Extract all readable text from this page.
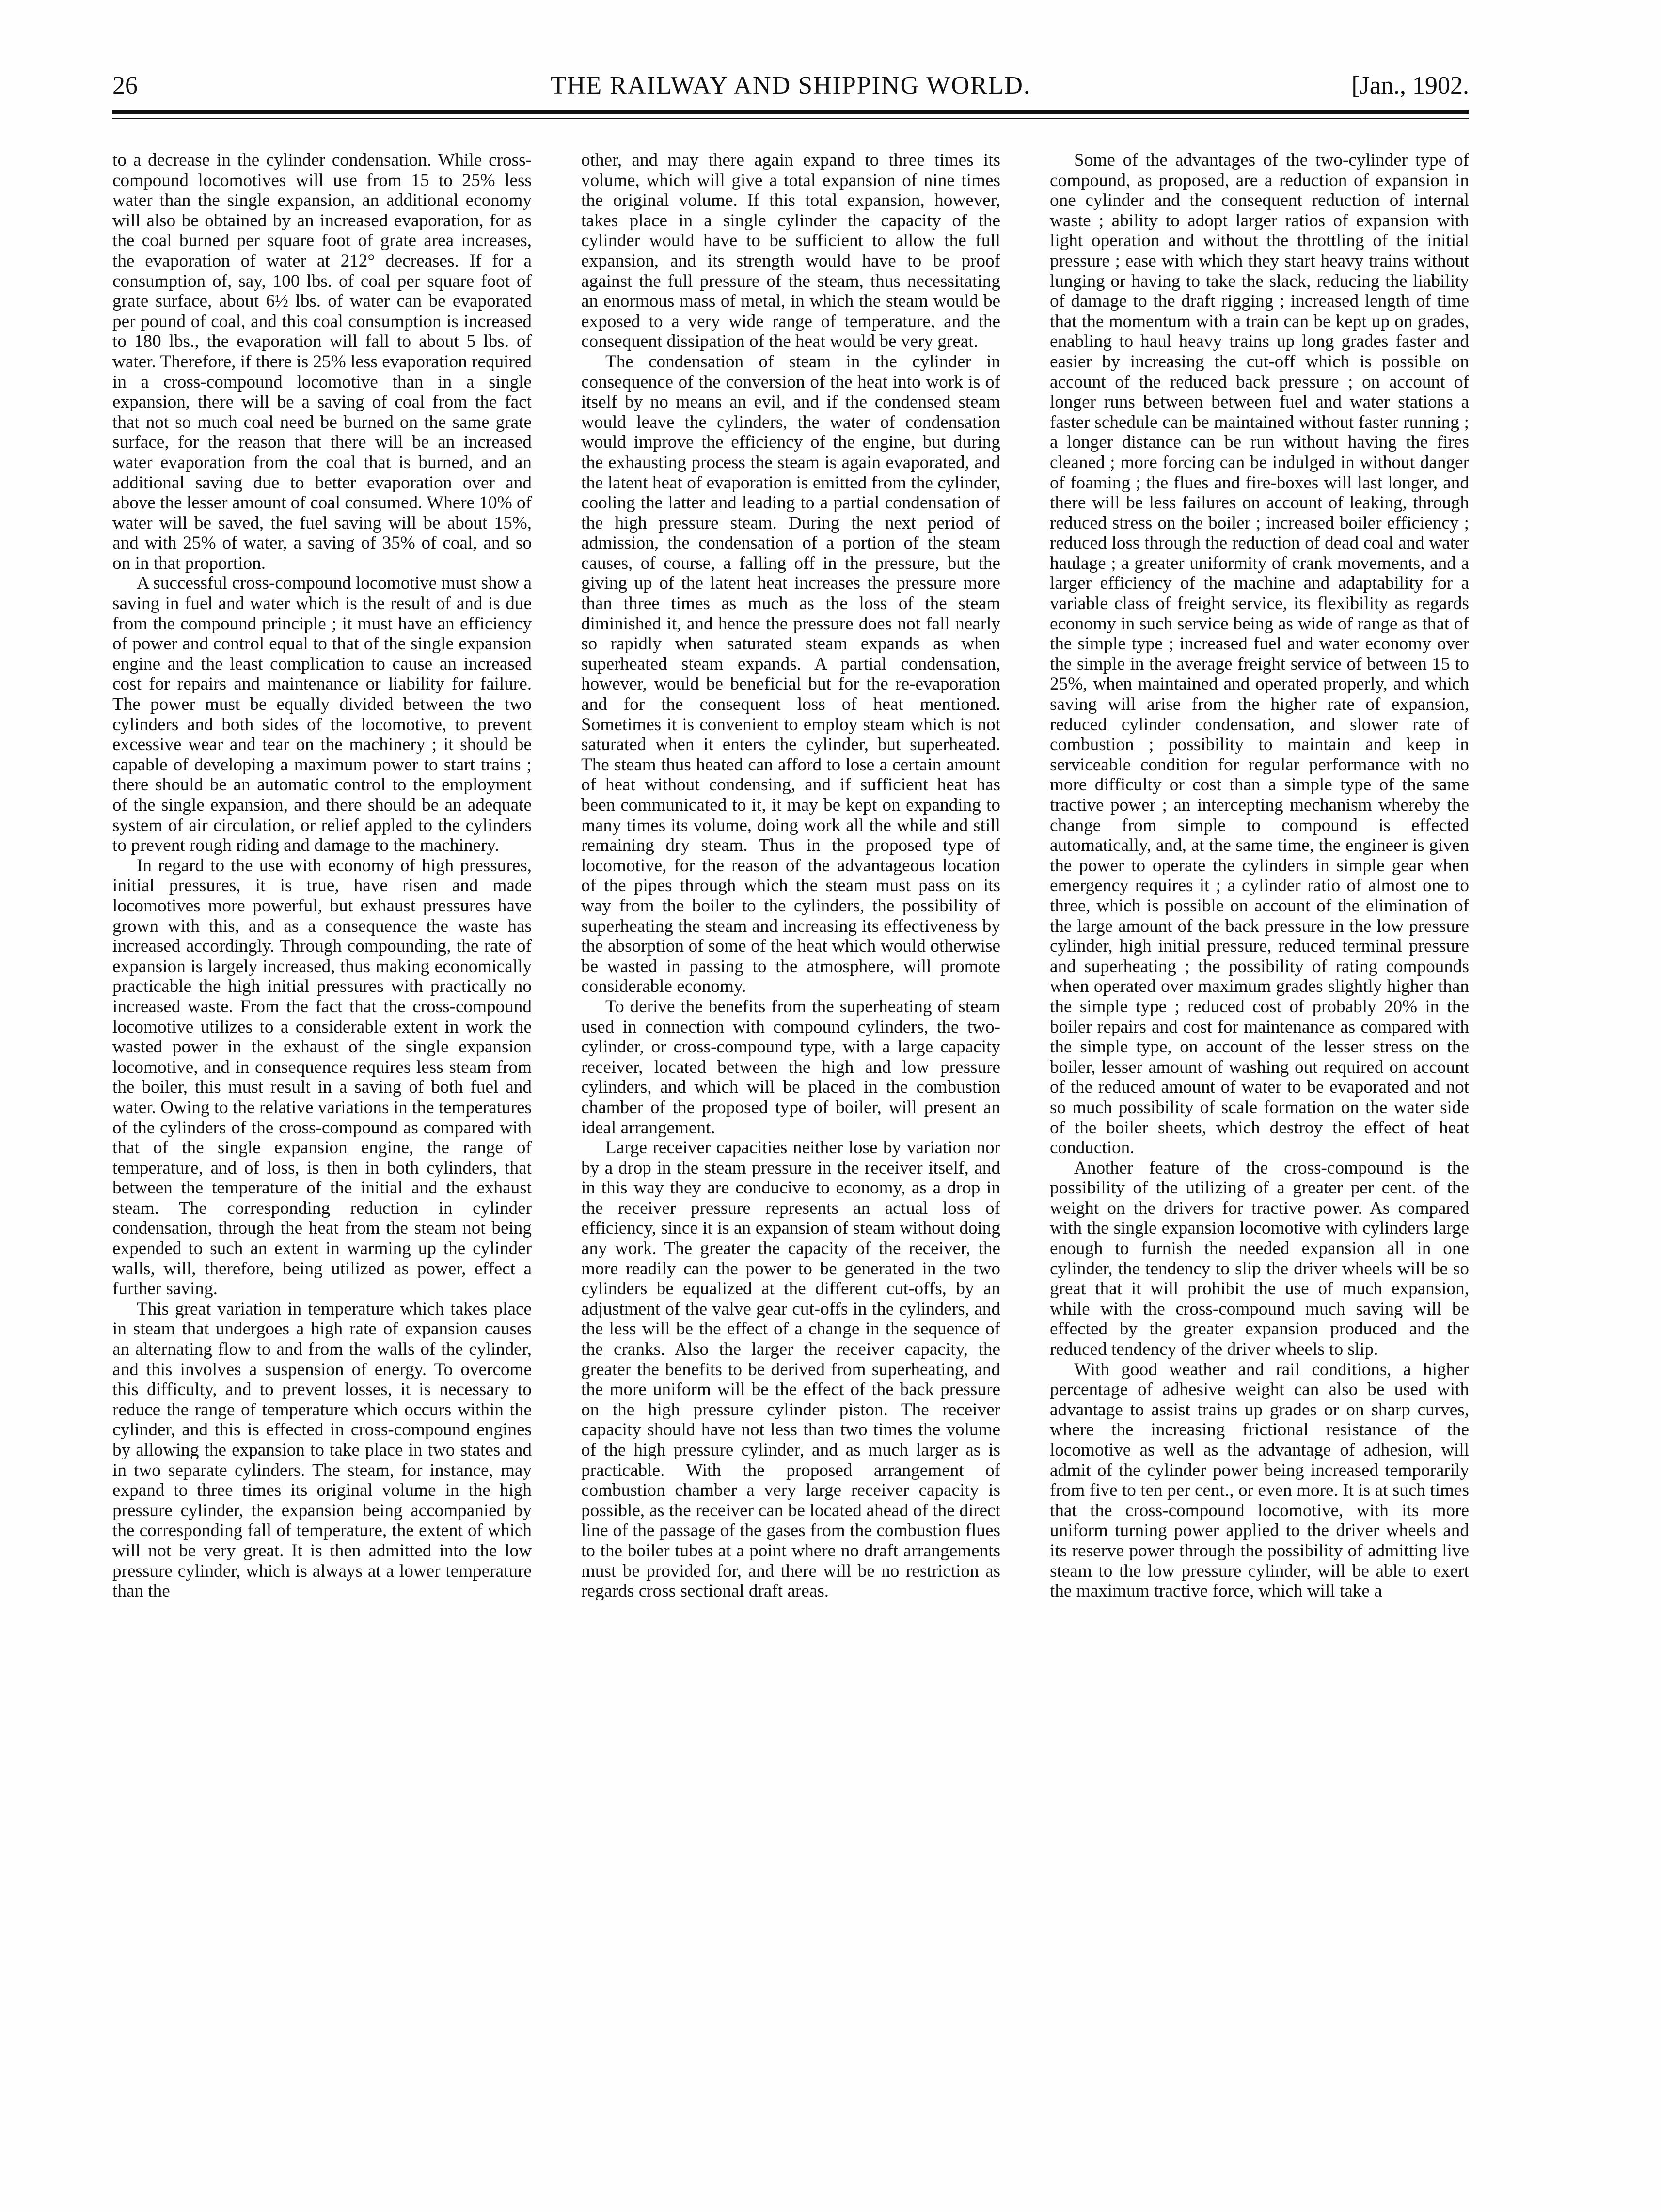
26	THE RAILWAY AND SHIPPING WORLD.	[Jan., 1902.

to a decrease in the cylinder condensation. While cross-compound locomotives will use from 15 to 25% less water than the single expansion, an additional economy will also be obtained by an increased evaporation, for as the coal burned per square foot of grate area increases, the evaporation of water at 212° decreases. If for a consumption of, say, 100 lbs. of coal per square foot of grate surface, about 6½ lbs. of water can be evaporated per pound of coal, and this coal consumption is increased to 180 lbs., the evaporation will fall to about 5 lbs. of water. Therefore, if there is 25% less evaporation required in a cross-compound locomotive than in a single expansion, there will be a saving of coal from the fact that not so much coal need be burned on the same grate surface, for the reason that there will be an increased water evaporation from the coal that is burned, and an additional saving due to better evaporation over and above the lesser amount of coal consumed. Where 10% of water will be saved, the fuel saving will be about 15%, and with 25% of water, a saving of 35% of coal, and so on in that proportion.

A successful cross-compound locomotive must show a saving in fuel and water which is the result of and is due from the compound principle ; it must have an efficiency of power and control equal to that of the single expansion engine and the least complication to cause an increased cost for repairs and maintenance or liability for failure. The power must be equally divided between the two cylinders and both sides of the locomotive, to prevent excessive wear and tear on the machinery ; it should be capable of developing a maximum power to start trains ; there should be an automatic control to the employment of the single expansion, and there should be an adequate system of air circulation, or relief appled to the cylinders to prevent rough riding and damage to the machinery.

In regard to the use with economy of high pressures, initial pressures, it is true, have risen and made locomotives more powerful, but exhaust pressures have grown with this, and as a consequence the waste has increased accordingly. Through compounding, the rate of expansion is largely increased, thus making economically practicable the high initial pressures with practically no increased waste. From the fact that the cross-compound locomotive utilizes to a considerable extent in work the wasted power in the exhaust of the single expansion locomotive, and in consequence requires less steam from the boiler, this must result in a saving of both fuel and water. Owing to the relative variations in the temperatures of the cylinders of the cross-compound as compared with that of the single expansion engine, the range of temperature, and of loss, is then in both cylinders, that between the temperature of the initial and the exhaust steam. The corresponding reduction in cylinder condensation, through the heat from the steam not being expended to such an extent in warming up the cylinder walls, will, therefore, being utilized as power, effect a further saving.

This great variation in temperature which takes place in steam that undergoes a high rate of expansion causes an alternating flow to and from the walls of the cylinder, and this involves a suspension of energy. To overcome this difficulty, and to prevent losses, it is necessary to reduce the range of temperature which occurs within the cylinder, and this is effected in cross-compound engines by allowing the expansion to take place in two states and in two separate cylinders. The steam, for instance, may expand to three times its original volume in the high pressure cylinder, the expansion being accompanied by the corresponding fall of temperature, the extent of which will not be very great. It is then admitted into the low pressure cylinder, which is always at a lower temperature than the

other, and may there again expand to three times its volume, which will give a total expansion of nine times the original volume. If this total expansion, however, takes place in a single cylinder the capacity of the cylinder would have to be sufficient to allow the full expansion, and its strength would have to be proof against the full pressure of the steam, thus necessitating an enormous mass of metal, in which the steam would be exposed to a very wide range of temperature, and the consequent dissipation of the heat would be very great.

The condensation of steam in the cylinder in consequence of the conversion of the heat into work is of itself by no means an evil, and if the condensed steam would leave the cylinders, the water of condensation would improve the efficiency of the engine, but during the exhausting process the steam is again evaporated, and the latent heat of evaporation is emitted from the cylinder, cooling the latter and leading to a partial condensation of the high pressure steam. During the next period of admission, the condensation of a portion of the steam causes, of course, a falling off in the pressure, but the giving up of the latent heat increases the pressure more than three times as much as the loss of the steam diminished it, and hence the pressure does not fall nearly so rapidly when saturated steam expands as when superheated steam expands. A partial condensation, however, would be beneficial but for the re-evaporation and for the consequent loss of heat mentioned. Sometimes it is convenient to employ steam which is not saturated when it enters the cylinder, but superheated. The steam thus heated can afford to lose a certain amount of heat without condensing, and if sufficient heat has been communicated to it, it may be kept on expanding to many times its volume, doing work all the while and still remaining dry steam. Thus in the proposed type of locomotive, for the reason of the advantageous location of the pipes through which the steam must pass on its way from the boiler to the cylinders, the possibility of superheating the steam and increasing its effectiveness by the absorption of some of the heat which would otherwise be wasted in passing to the atmosphere, will promote considerable economy.

To derive the benefits from the superheating of steam used in connection with compound cylinders, the two-cylinder, or cross-compound type, with a large capacity receiver, located between the high and low pressure cylinders, and which will be placed in the combustion chamber of the proposed type of boiler, will present an ideal arrangement.

Large receiver capacities neither lose by variation nor by a drop in the steam pressure in the receiver itself, and in this way they are conducive to economy, as a drop in the receiver pressure represents an actual loss of efficiency, since it is an expansion of steam without doing any work. The greater the capacity of the receiver, the more readily can the power to be generated in the two cylinders be equalized at the different cut-offs, by an adjustment of the valve gear cut-offs in the cylinders, and the less will be the effect of a change in the sequence of the cranks. Also the larger the receiver capacity, the greater the benefits to be derived from superheating, and the more uniform will be the effect of the back pressure on the high pressure cylinder piston. The receiver capacity should have not less than two times the volume of the high pressure cylinder, and as much larger as is practicable. With the proposed arrangement of combustion chamber a very large receiver capacity is possible, as the receiver can be located ahead of the direct line of the passage of the gases from the combustion flues to the boiler tubes at a point where no draft arrangements must be provided for, and there will be no restriction as regards cross sectional draft areas.

Some of the advantages of the two-cylinder type of compound, as proposed, are a reduction of expansion in one cylinder and the consequent reduction of internal waste ; ability to adopt larger ratios of expansion with light operation and without the throttling of the initial pressure ; ease with which they start heavy trains without lunging or having to take the slack, reducing the liability of damage to the draft rigging ; increased length of time that the momentum with a train can be kept up on grades, enabling to haul heavy trains up long grades faster and easier by increasing the cut-off which is possible on account of the reduced back pressure ; on account of longer runs between between fuel and water stations a faster schedule can be maintained without faster running ; a longer distance can be run without having the fires cleaned ; more forcing can be indulged in without danger of foaming ; the flues and fire-boxes will last longer, and there will be less failures on account of leaking, through reduced stress on the boiler ; increased boiler efficiency ; reduced loss through the reduction of dead coal and water haulage ; a greater uniformity of crank movements, and a larger efficiency of the machine and adaptability for a variable class of freight service, its flexibility as regards economy in such service being as wide of range as that of the simple type ; increased fuel and water economy over the simple in the average freight service of between 15 to 25%, when maintained and operated properly, and which saving will arise from the higher rate of expansion, reduced cylinder condensation, and slower rate of combustion ; possibility to maintain and keep in serviceable condition for regular performance with no more difficulty or cost than a simple type of the same tractive power ; an intercepting mechanism whereby the change from simple to compound is effected automatically, and, at the same time, the engineer is given the power to operate the cylinders in simple gear when emergency requires it ; a cylinder ratio of almost one to three, which is possible on account of the elimination of the large amount of the back pressure in the low pressure cylinder, high initial pressure, reduced terminal pressure and superheating ; the possibility of rating compounds when operated over maximum grades slightly higher than the simple type ; reduced cost of probably 20% in the boiler repairs and cost for maintenance as compared with the simple type, on account of the lesser stress on the boiler, lesser amount of washing out required on account of the reduced amount of water to be evaporated and not so much possibility of scale formation on the water side of the boiler sheets, which destroy the effect of heat conduction.

Another feature of the cross-compound is the possibility of the utilizing of a greater per cent. of the weight on the drivers for tractive power. As compared with the single expansion locomotive with cylinders large enough to furnish the needed expansion all in one cylinder, the tendency to slip the driver wheels will be so great that it will prohibit the use of much expansion, while with the cross-compound much saving will be effected by the greater expansion produced and the reduced tendency of the driver wheels to slip.

With good weather and rail conditions, a higher percentage of adhesive weight can also be used with advantage to assist trains up grades or on sharp curves, where the increasing frictional resistance of the locomotive as well as the advantage of adhesion, will admit of the cylinder power being increased temporarily from five to ten per cent., or even more. It is at such times that the cross-compound locomotive, with its more uniform turning power applied to the driver wheels and its reserve power through the possibility of admitting live steam to the low pressure cylinder, will be able to exert the maximum tractive force, which will take a
